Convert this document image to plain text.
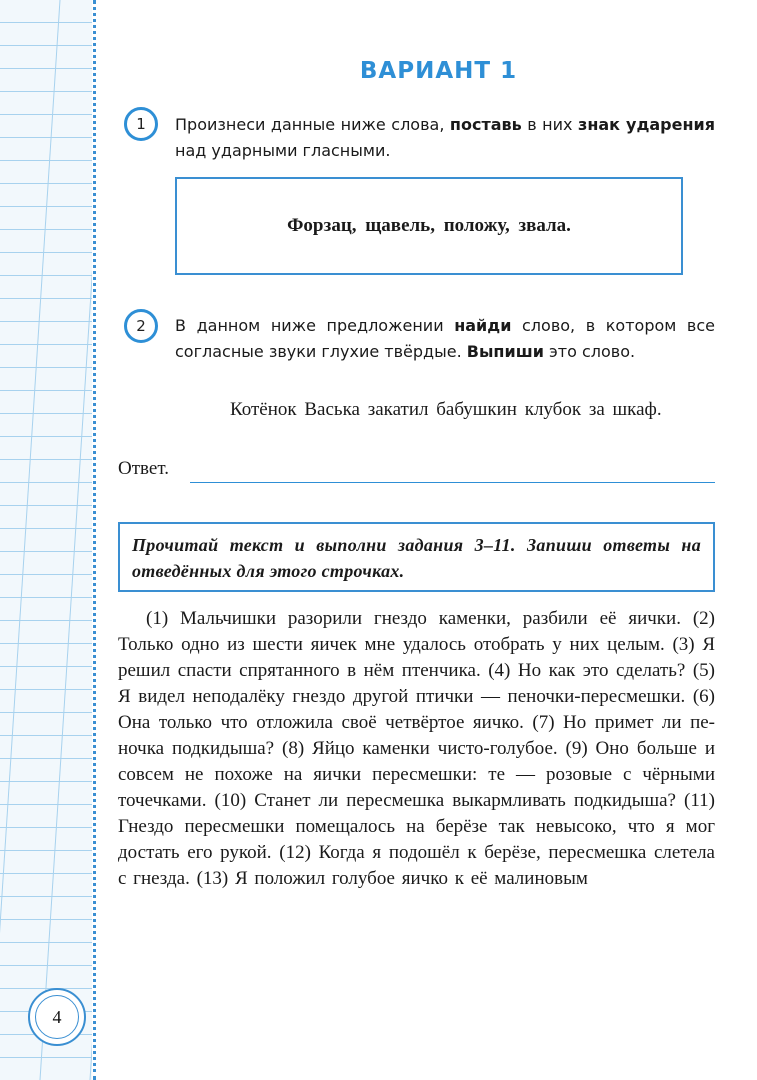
4
ВАРИАНТ 1
1	Произнеси данные ниже слова, поставь в них знак ударения над ударными гласными.
Форзац, щавель, положу, звала.
2	В данном ниже предложении найди слово, в котором все согласные звуки глухие твёрдые. Выпиши это слово.
Котёнок Васька закатил бабушкин клубок за шкаф.
Ответ.
Прочитай текст и выполни задания 3–11. Запиши ответы на отведённых для этого строчках.
(1) Мальчишки разорили гнездо каменки, разбили её яички. (2) Только одно из шести яичек мне удалось отобрать у них целым. (3) Я решил спасти спрятанного в нём птенчика. (4) Но как это сделать? (5) Я видел неподалёку гнездо другой птички — пеночки-пересмешки. (6) Она только что отложила своё четвёртое яичко. (7) Но примет ли пеночка подкидыша? (8) Яйцо каменки чисто-голубое. (9) Оно больше и совсем не похоже на яички пересмешки: те — розовые с чёрными точечками. (10) Станет ли пересмешка выкармливать подкидыша? (11) Гнездо пересмешки помещалось на берёзе так невысоко, что я мог достать его рукой. (12) Когда я подошёл к берёзе, пересмешка слетела с гнезда. (13) Я положил голубое яичко к её малиновым
